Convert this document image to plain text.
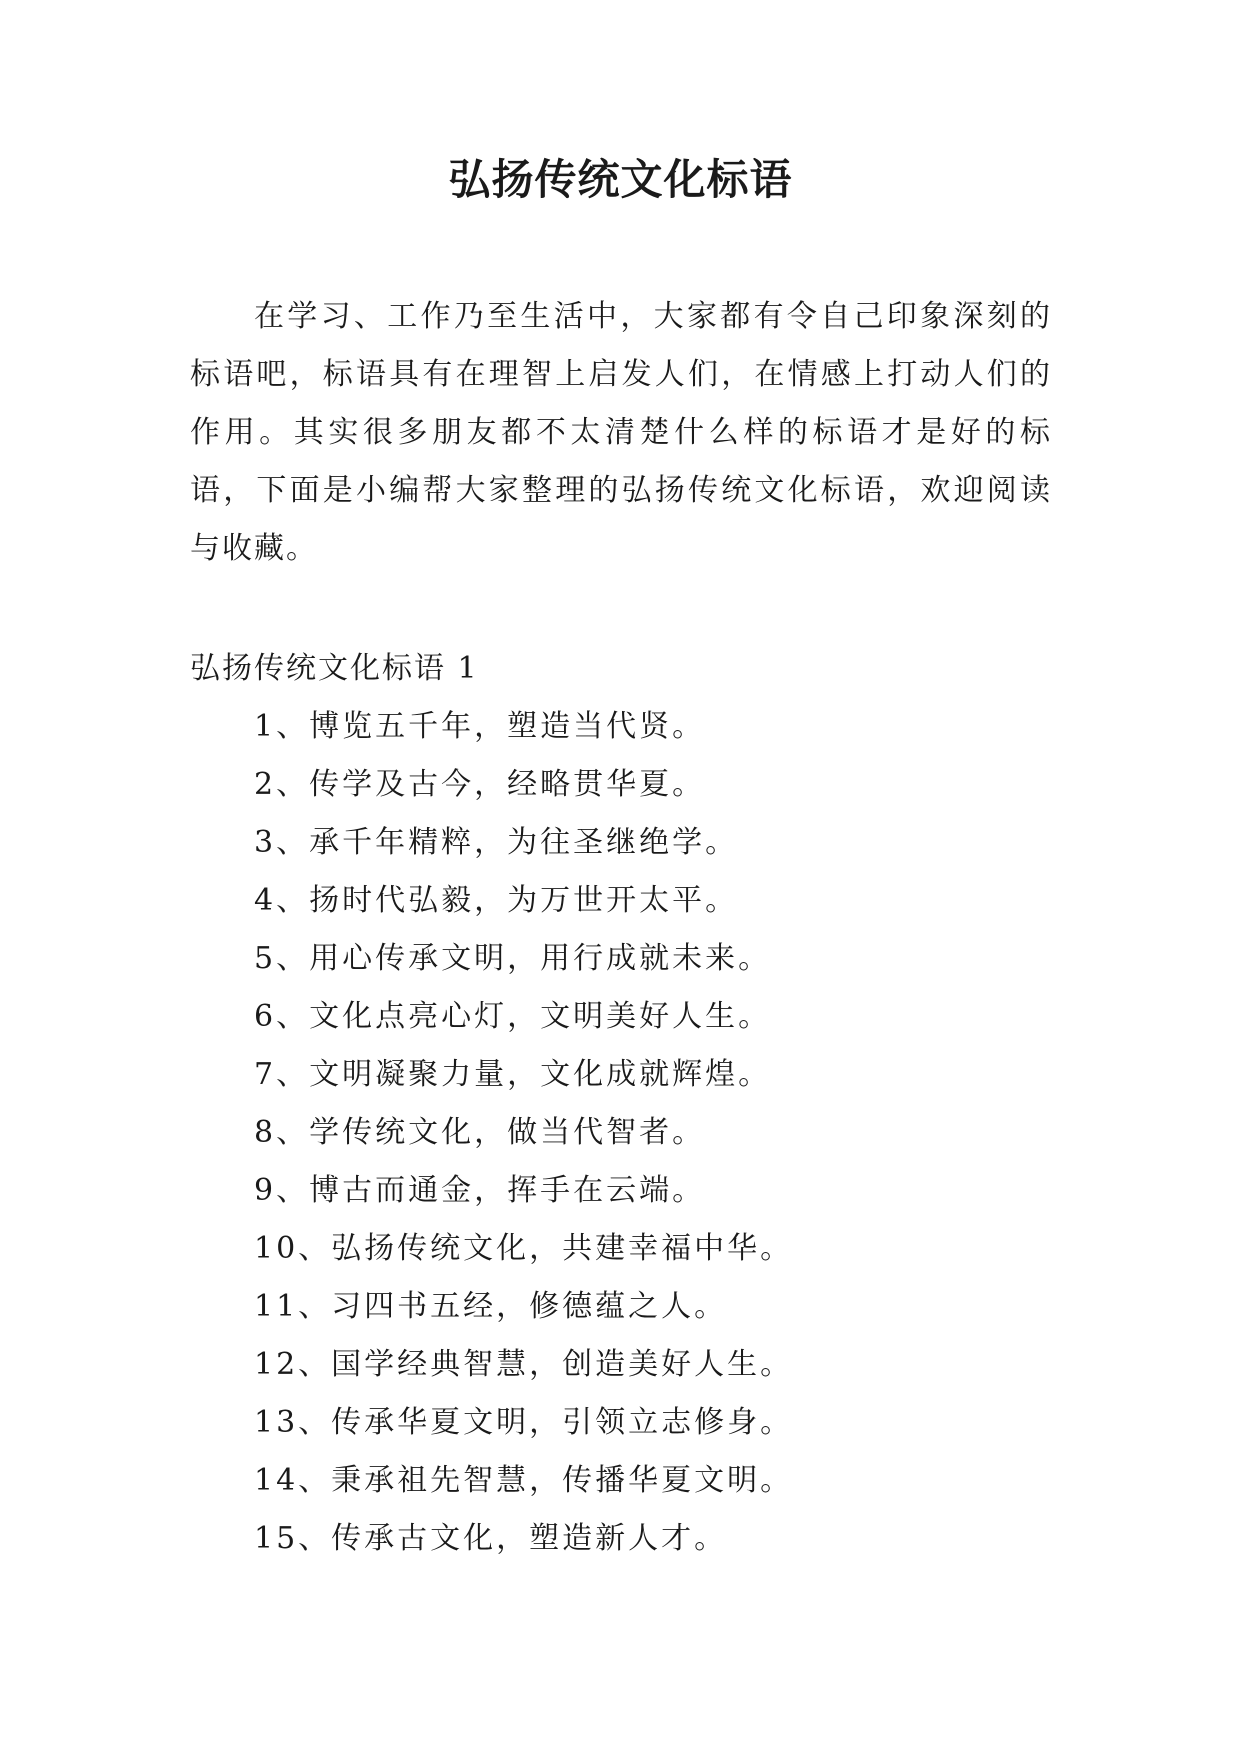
弘扬传统文化标语

在学习、工作乃至生活中，大家都有令自己印象深刻的标语吧，标语具有在理智上启发人们，在情感上打动人们的作用。其实很多朋友都不太清楚什么样的标语才是好的标语，下面是小编帮大家整理的弘扬传统文化标语，欢迎阅读与收藏。

弘扬传统文化标语 1

1、博览五千年，塑造当代贤。
2、传学及古今，经略贯华夏。
3、承千年精粹，为往圣继绝学。
4、扬时代弘毅，为万世开太平。
5、用心传承文明，用行成就未来。
6、文化点亮心灯，文明美好人生。
7、文明凝聚力量，文化成就辉煌。
8、学传统文化，做当代智者。
9、博古而通金，挥手在云端。
10、弘扬传统文化，共建幸福中华。
11、习四书五经，修德蕴之人。
12、国学经典智慧，创造美好人生。
13、传承华夏文明，引领立志修身。
14、秉承祖先智慧，传播华夏文明。
15、传承古文化，塑造新人才。
